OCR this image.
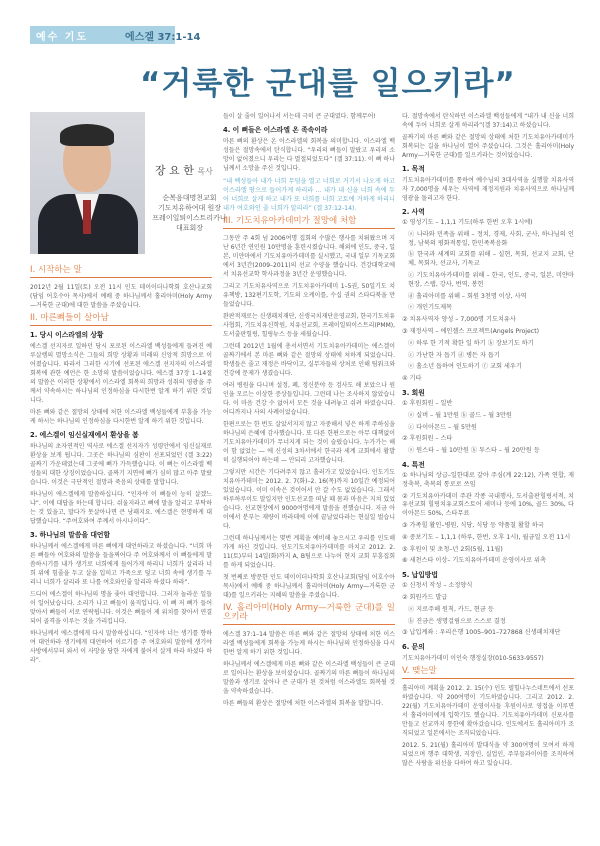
예수 기도	에스겔 37:1-14
“거룩한 군대를 일으키라”
장 요 한 목사
순복음대명천교회
기도치유하여대 원장
프레이일퇴이스트리카나
대표회장
I. 시작하는 말

2012년 2월 11일(토) 오전 11시 인도 데이이더나학회 호산나교회(담임 어호수아 목사)에서 예배 중 하나님께서 홀리아미(Holy Army—거룩한 군대)에 대한 말씀을 주셨습니다.

II. 마른뼈들이 살아남
1. 당시 이스라엘의 상황

에스겔 선지자로 일하던 당시 포로된 이스라엘 백성들에게 들려진 예루살렘의 멸망소식은 그들의 희망 상황과 미래의 신앙적 희망으로 이어졌습니다. 따라서 그러한 시기에 선포된 에스겔 선지자의 이스라엘 회복에 관한 예언은 한 소망의 말씀이었습니다. 에스겔 37장 1–14절의 말씀은 이러한 상황에서 이스라엘 회복의 희망과 성취의 영광을 주께서 약속하시는 하나님의 인정하심을 다시한번 알게 하기 위한 것입니다.

마른 뼈와 같은 절망의 상태에 처한 이스라엘 백성들에게 부흥을 가능케 하시는 하나님의 인정하심을 다시한번 알게 하기 위한 것입니다.

2. 에스겔이 임신실재에서 환상을 봄

하나님의 초자연적인 역사로 에스겔 선지자가 성령안에서 임신실재로 환상을 보게 됩니다. 그곳은 하나님의 심판이 선포되었던 (겔 3:22) 골짜기 가운데였는데 그곳에 뼈가 가득했습니다. 이 뼈는 이스라엘 백성들의 대한 상징이었습니다. 골짜기 지면에 뼈가 심히 많고 아주 말랐습니다. 이것은 극단적인 절망과 죽음의 상태를 말합니다.

하나님이 에스겔에게 말씀하십니다. “인자야 이 뼈들이 능히 살겠느냐”. 이에 대답을 하는데 합니다. 쉬울지라고 뼈에 말을 알리고 부탁하는 것 있을고, 말다가 못살아나면 큰 낭패지요. 에스겔은 현명하게 대답했습니다. “주여호와여 주께서 아시나이다”.

3. 하나님의 말씀을 대언함

하나님께서 에스겔에게 마른 뼈에게 대언하라고 하셨습니다. “너희 마른 뼈들아 여호와의 말씀을 들을찌어다 주 여호와께서 이 뼈들에게 말씀하시기를 내가 생기로 너희에게 들어가게 하리니 너희가 살리라 너희 위에 힘줄을 두고 살을 입히고 가죽으로 덮고 너희 속에 생기를 두리니 너희가 살리라 또 나를 여호와인줄 알리라 하셨다 하라”.

드디어 에스겔이 하나님의 명을 좇아 대언합니다. 그러자 놀라운 일들이 일어났습니다. 소리가 나고 뼈들이 움직입니다. 이 뼈 저 뼈가 들어 맞아서 뼈들이 서로 연락됩니다. 이것은 뼈들이 제 위치를 찾아서 연결되어 골격을 이루는 것을 가리킵니다.

하나님께서 에스겔에게 다시 말씀하십니다. “인자야 너는 생기를 향하여 대언하라 생기에게 대언하여 이르기를 주 여호와의 말씀에 생기야 사방에서부터 와서 이 사망을 당한 자에게 불어서 살게 하라 하셨다 하라”.

들이 살 줄이 일어나서 서는데 극히 큰 군대였다. 함께무어!

4. 이 뼈들은 이스라엘 온 족속이라

마른 뼈의 환상은 온 이스라엘의 회복을 의미합니다. 이스라엘 백성들은 절망속에서 탄식합니다. “우리의 뼈들이 말랐고 우리의 소망이 없어졌으니 우리는 다 멸절되었도다” (겔 37:11). 이 뼈 하나님께서 소망을 주신 것입니다.

“내 백성들아 내가 너희 무덤을 열고 너희로 거기서 나오게 하고 이스라엘 땅으로 들어가게 하리라 … 내가 내 신을 너희 속에 두어 너희로 살게 하고 내가 또 너희를 너희 고토에 거하게 하리니 내가 여호와인 줄 너희가 알리라” (겔 37:12-14).
III. 기도치유아카데미가 절망에 처함

그동안 주 4회 넘 2006여명 집회의 수많은 행사를 치뤄왔으며 지난 6년간 연인원 10만명을 훈련시켰습니다. 해외에 인도, 중국, 일본, 미얀마에서 기도치유아카데미를 실시했고, 국내 일부 기독교회에서 3년간(2009–2011)의 선교 수양을 했습니다. 건강대학교에서 치유선교학 학사과정을 3년간 운영했습니다.

그리고 기도치유사역으로 기도치유아카데미 1–5권, 50일기도 치유책방, 132편기도학, 기도의 오케이를, 수십 권의 스타디북을 만들었습니다.

완판적재로는 신생패치재단, 신생국치재단운영교회, 한국기도치유사협회, 기도치유신학원, 치유선교회, 프레이일퇴이스트리(PMM), 도서출판힐링, 힐링뉴스 등을 세웠습니다.

그런데 2012년 1월에 총서서면서 기도치유아카데미는 에스겔이 골짜기에서 본 마른 뼈와 같은 절망의 상태에 처하게 되었습니다. 학생들은 줄고 재정은 바닥이고, 실무자들의 상처로 인해 팀워크와 건강에 문제가 생겼습니다.

여러 병원을 다니며 설정, 폐, 정신분야 등 검사도 해 보았으나 원인을 모르는 이상한 증상들입니다. 그런데 나는 조사하지 않았습니다. 이 마음 건강 수 없어서 모든 것을 내려놓고 쉬려 하였습니다. 어디까지나 사의 사례이었습니다.

한편으로는 한 번도 살았서지지 않고 자중해서 넣은 하게 주하심을 하나님의 은혜에 감사했습니다. 또 다른 한편으로는 아무 대책없이 기도치유아카데미가 무너지게 되는 것이 슬펐습니다. 누가가는 해이 함 없었는 — 에 신성의 3차서에서 한국과 세계 교회에서 활발히 실행되어야 하는데 — 안되리 고자했습니다.

그렇지만 시간은 기다려주지 않고 흘러가고 있었습니다. 인도기도치유아카데미는 2012. 2. 7(화)–2. 16(목)까지 10일간 예정되어 있었습니다. 이미 이속은 것이어서 안 갈 수도 없었습니다. 그래서 하루하루이도 말일지만 인도선교를 떠날 때 몸과 마음은 지쳐 있었습니다. 선교현장에서 9000여명에게 말씀을 전했습니다. 지금 아이에서 분부는 재량이 바라데에 이에 끝날었다라는 현실일 벌습니다.

그런데 하나님께서는 몇번 계획을 예비해 놓으시고 우리를 인도해 가게 하신 것입니다. 인도기도치유아카데미를 마치고 2012. 2. 11(토)부터 14일(화)까지 A, B팀으로 나누어 현지 교회 부흥집회를 하게 되었습니다.

첫 번째로 방문한 인도 데이이더나학회 호산나교회(담임 어호수아 목사)에서 예배 중 하나님께서 홀리아미(Holy Army—거룩한 군대)를 일으키라는 지혜의 말씀을 주셨습니다.

IV. 홀리아미(Holy Army—거룩한 군대)를 일으키라

에스겔 37:1–14 말씀은 마른 뼈와 같은 절망의 상태에 처한 이스라엘 백성들에게 회복을 가능케 하시는 하나님의 인정하심을 다시한번 알게 하기 위한 것입니다.

하나님께서 에스겔에게 마른 뼈와 같은 이스라엘 백성들이 큰 군대로 일어나는 환상을 보이셨습니다. 골짜기의 마른 뼈들이 하나님의 말씀과 생기로 살아나 큰 군대가 된 것처럼 이스라엘도 회복될 것을 약속하셨습니다.

마른 뼈들의 환상은 절망에 처한 이스라엘의 회복을 말합니다.

다. 절망속에서 탄식하던 이스라엘 백성들에게 “내가 내 신을 너희 속에 두어 너희로 살게 하리라”(겔 37:14)고 하셨습니다.

골짜기의 마른 뼈와 같은 절망의 상태에 처한 기도치유아카데미가 회복되는 길을 하나님이 열어 주셨습니다. 그것은 홀리아미(Holy Army—거룩한 군대)를 일으키라는 것이었습니다.

1. 목적

기도치유아카데미를 통하여 예수님의 3대사역을 실행할 치유사역자 7,000명을 세우는 사역에 재정지원과 치유사역으로 하나님께 영광을 돌리고자 한다.

2. 사역

① 영성기도 – 1,1,1 기도(하루 한번 오후 1시에)

ⓐ 나라와 민족을 위해 – 정치, 경제, 사회, 군사, 하나님의 인정, 남북의 평화적통일, 한민족복음화

ⓑ 한국과 세계의 교회를 위해 – 실현, 목회, 선교지 교회, 단체, 목회자, 선교사, 기독교

ⓒ 기도치유아카데미를 위해 – 한국, 인도, 중국, 일본, 미얀마 현장, 스탭, 강사, 번역, 봉헌

ⓓ 홀리아미를 위해 – 회원 3천명 이상, 사역

ⓔ 개인기도제목

② 치유사역자 양성 – 7,000명 기도치유사

③ 재정사역 – 에인젤스 프로젝트(Angels Project)

ⓐ 하루 한 기적 확한 일 하기 ⓑ 장보기도 하기

ⓒ 가난한 자 돕기 ⓓ 병든 자 돕기

ⓔ 홀소년 돕하여 인도하기 ⓕ 교회 세우기

④ 기타

3. 회원

① 후원회원 – 일반

ⓐ 실버 – 월 1만원 ⓑ 골드 – 월 3만원

ⓒ 다이아몬드 – 월 5만원

② 후원회원 – 스타

ⓐ 원스타 – 월 10만원 ⓑ 투스타 – 월 20만원 등

4. 특전

① 하나님의 상급–일한대로 갚아 주심(계 22:12), 가족 연합, 재정축복, 축복의 통로로 쓰임

② 기도치유아카데미 주관 각종 국내행사, 도서출판힐링서적, 치유선교회 힐링치유교회스토어 세미나 등에 10%, 골드 30%, 다이아몬드 50%, 스타무료

③ 가족힐 활인–병원, 식당, 식당 등 약품칠 활할 하국

④ 중보기도 – 1,1,1 (하루, 한번, 오후 1시), 월금일 오전 11시

⑤ 후원이 및 초청–년 2회(5월, 11월)

⑥ 세천스타 이상– 기도치유아카데미 운영이사로 위촉

5. 납입방법

① 신청서 작성 – 소정양식

② 회원카드 발급

ⓐ 지로주해 원칙, 카드, 현금 등

ⓑ 진금은 생명걸림으로 스스로 결정

③ 납입계좌 : 우리은행 1005–901–727868 신생패치재단

6. 문의

기도치유아카데미 이인숙 행정실장(010-5633-9557)

V. 맺는말

홀리아미 계획을 2012. 2. 15(수) 인도 델힐나누스네트에서 선포하였습니다. 약 200여명이 기도하였습니다. 그리고 2012. 2. 22(월) 기도치유아카데미 운영이사들 후원이사로 영접을 이루면서 홀리아미에게 입학기도 했습니다. 기도치유아카데미 신포사를 만들고 선교까지 통한에 확아갔습니다. 인도에서도 홀리아미가 조직되었고 일본에서는 조직되었습니다.

2012. 5. 21(월) 홀리아미 발대식을 약 300여명이 모여서 하게 되었으며 행주 대학생, 직장인, 실업인, 주부들과이어를 조직하여 많은 사람을 위선을 다하여 하고 있습니다.
